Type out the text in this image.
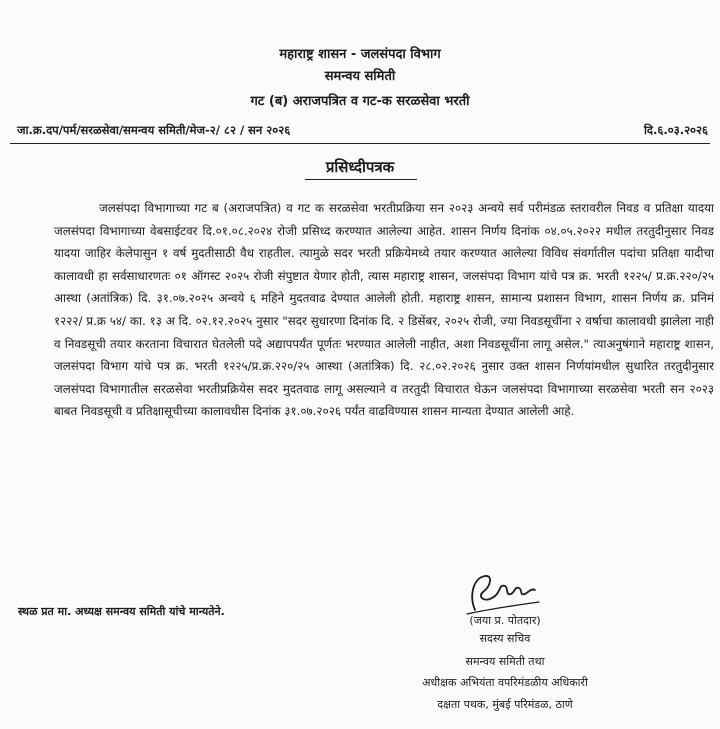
महाराष्ट्र शासन - जलसंपदा विभाग
समन्वय समिती
गट (ब) अराजपत्रित व गट-क सरळसेवा भरती
जा.क्र.दप/पर्म/सरळसेवा/समन्वय समिती/मेज-२/ ८२ / सन २०२६	दि.६.०३.२०२६
प्रसिध्दीपत्रक

जलसंपदा विभागाच्या गट ब (अराजपत्रित) व गट क सरळसेवा भरतीप्रक्रिया सन २०२३ अन्वये सर्व परीमंडळ स्तरावरील निवड व प्रतिक्षा यादया जलसंपदा विभागाच्या वेबसाईटवर दि.०१.०८.२०२४ रोजी प्रसिध्द करण्यात आलेल्या आहेत. शासन निर्णय दिनांक ०४.०५.२०२२ मधील तरतुदीनुसार निवड यादया जाहिर केलेपासुन १ वर्ष मुदतीसाठी वैध राहतील. त्यामुळे सदर भरती प्रक्रियेमध्ये तयार करण्यात आलेल्या विविध संवर्गातील पदांचा प्रतिक्षा यादीचा कालावधी हा सर्वसाधारणतः ०१ ऑगस्ट २०२५ रोजी संपुष्टात येणार होती, त्यास महाराष्ट्र शासन, जलसंपदा विभाग यांचे पत्र क्र. भरती १२२५/ प्र.क्र.२२०/२५ आस्था (अतांत्रिक) दि. ३१.०७.२०२५ अन्वये ६ महिने मुदतवाढ देण्यात आलेली होती. महाराष्ट्र शासन, सामान्य प्रशासन विभाग, शासन निर्णय क्र. प्रनिमं १२२२/ प्र.क्र ५४/ का. १३ अ दि. ०२.१२.२०२५ नुसार "सदर सुधारणा दिनांक दि. २ डिसेंबर, २०२५ रोजी, ज्या निवडसूचींना २ वर्षाचा कालावधी झालेला नाही व निवडसूची तयार करताना विचारात घेतलेली पदे अद्यापपर्यंत पूर्णतः भरण्यात आलेली नाहीत, अशा निवडसूचींना लागू असेल." त्याअनुषंगाने महाराष्ट्र शासन, जलसंपदा विभाग यांचे पत्र क्र. भरती १२२५/प्र.क्र.२२०/२५ आस्था (अतांत्रिक) दि. २८.०२.२०२६ नुसार उक्त शासन निर्णयांमधील सुधारित तरतुदीनुसार जलसंपदा विभागातील सरळसेवा भरतीप्रक्रियेस सदर मुदतवाढ लागू असल्याने व तरतुदी विचारात घेऊन जलसंपदा विभागाच्या सरळसेवा भरती सन २०२३ बाबत निवडसूची व प्रतिक्षासूचीच्या कालावधीस दिनांक ३१.०७.२०२६ पर्यंत वाढविण्यास शासन मान्यता देण्यात आलेली आहे.

स्थळ प्रत मा. अध्यक्ष समन्वय समिती यांचे मान्यतेने.
(जया प्र. पोतदार)
सदस्य सचिव
समन्वय समिती तथा
अधीक्षक अभियंता वपरिमंडळीय अधिकारी
दक्षता पथक, मुंबई परिमंडळ, ठाणे
